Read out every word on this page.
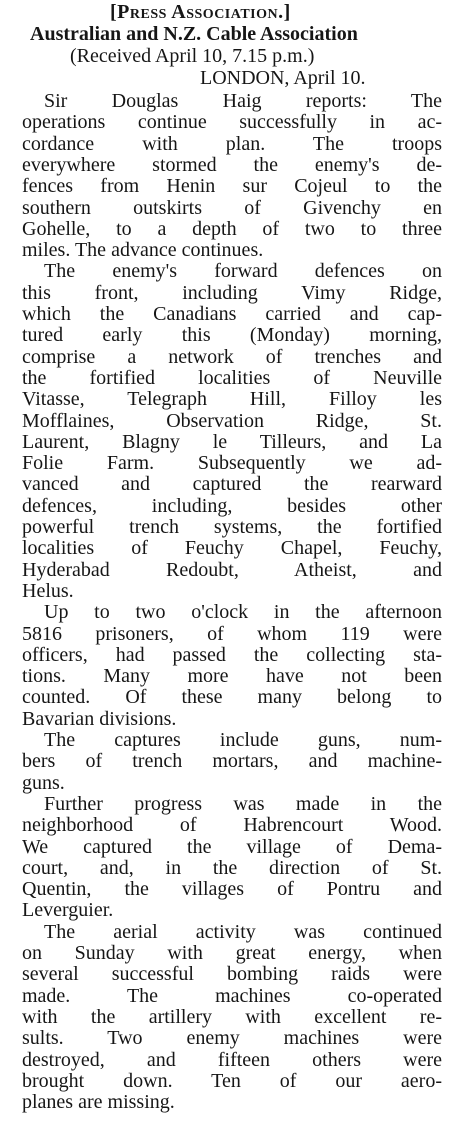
[Press Association.]
Australian and N.Z. Cable Association
(Received April 10, 7.15 p.m.)
LONDON, April 10.
Sir Douglas Haig reports: The
operations continue successfully in ac-
cordance with plan. The troops
everywhere stormed the enemy's de-
fences from Henin sur Cojeul to the
southern outskirts of Givenchy en
Gohelle, to a depth of two to three
miles. The advance continues.
The enemy's forward defences on
this front, including Vimy Ridge,
which the Canadians carried and cap-
tured early this (Monday) morning,
comprise a network of trenches and
the fortified localities of Neuville
Vitasse, Telegraph Hill, Filloy les
Mofflaines, Observation Ridge, St.
Laurent, Blagny le Tilleurs, and La
Folie Farm. Subsequently we ad-
vanced and captured the rearward
defences, including, besides other
powerful trench systems, the fortified
localities of Feuchy Chapel, Feuchy,
Hyderabad Redoubt, Atheist, and
Helus.
Up to two o'clock in the afternoon
5816 prisoners, of whom 119 were
officers, had passed the collecting sta-
tions. Many more have not been
counted. Of these many belong to
Bavarian divisions.
The captures include guns, num-
bers of trench mortars, and machine-
guns.
Further progress was made in the
neighborhood of Habrencourt Wood.
We captured the village of Dema-
court, and, in the direction of St.
Quentin, the villages of Pontru and
Leverguier.
The aerial activity was continued
on Sunday with great energy, when
several successful bombing raids were
made. The machines co-operated
with the artillery with excellent re-
sults. Two enemy machines were
destroyed, and fifteen others were
brought down. Ten of our aero-
planes are missing.
